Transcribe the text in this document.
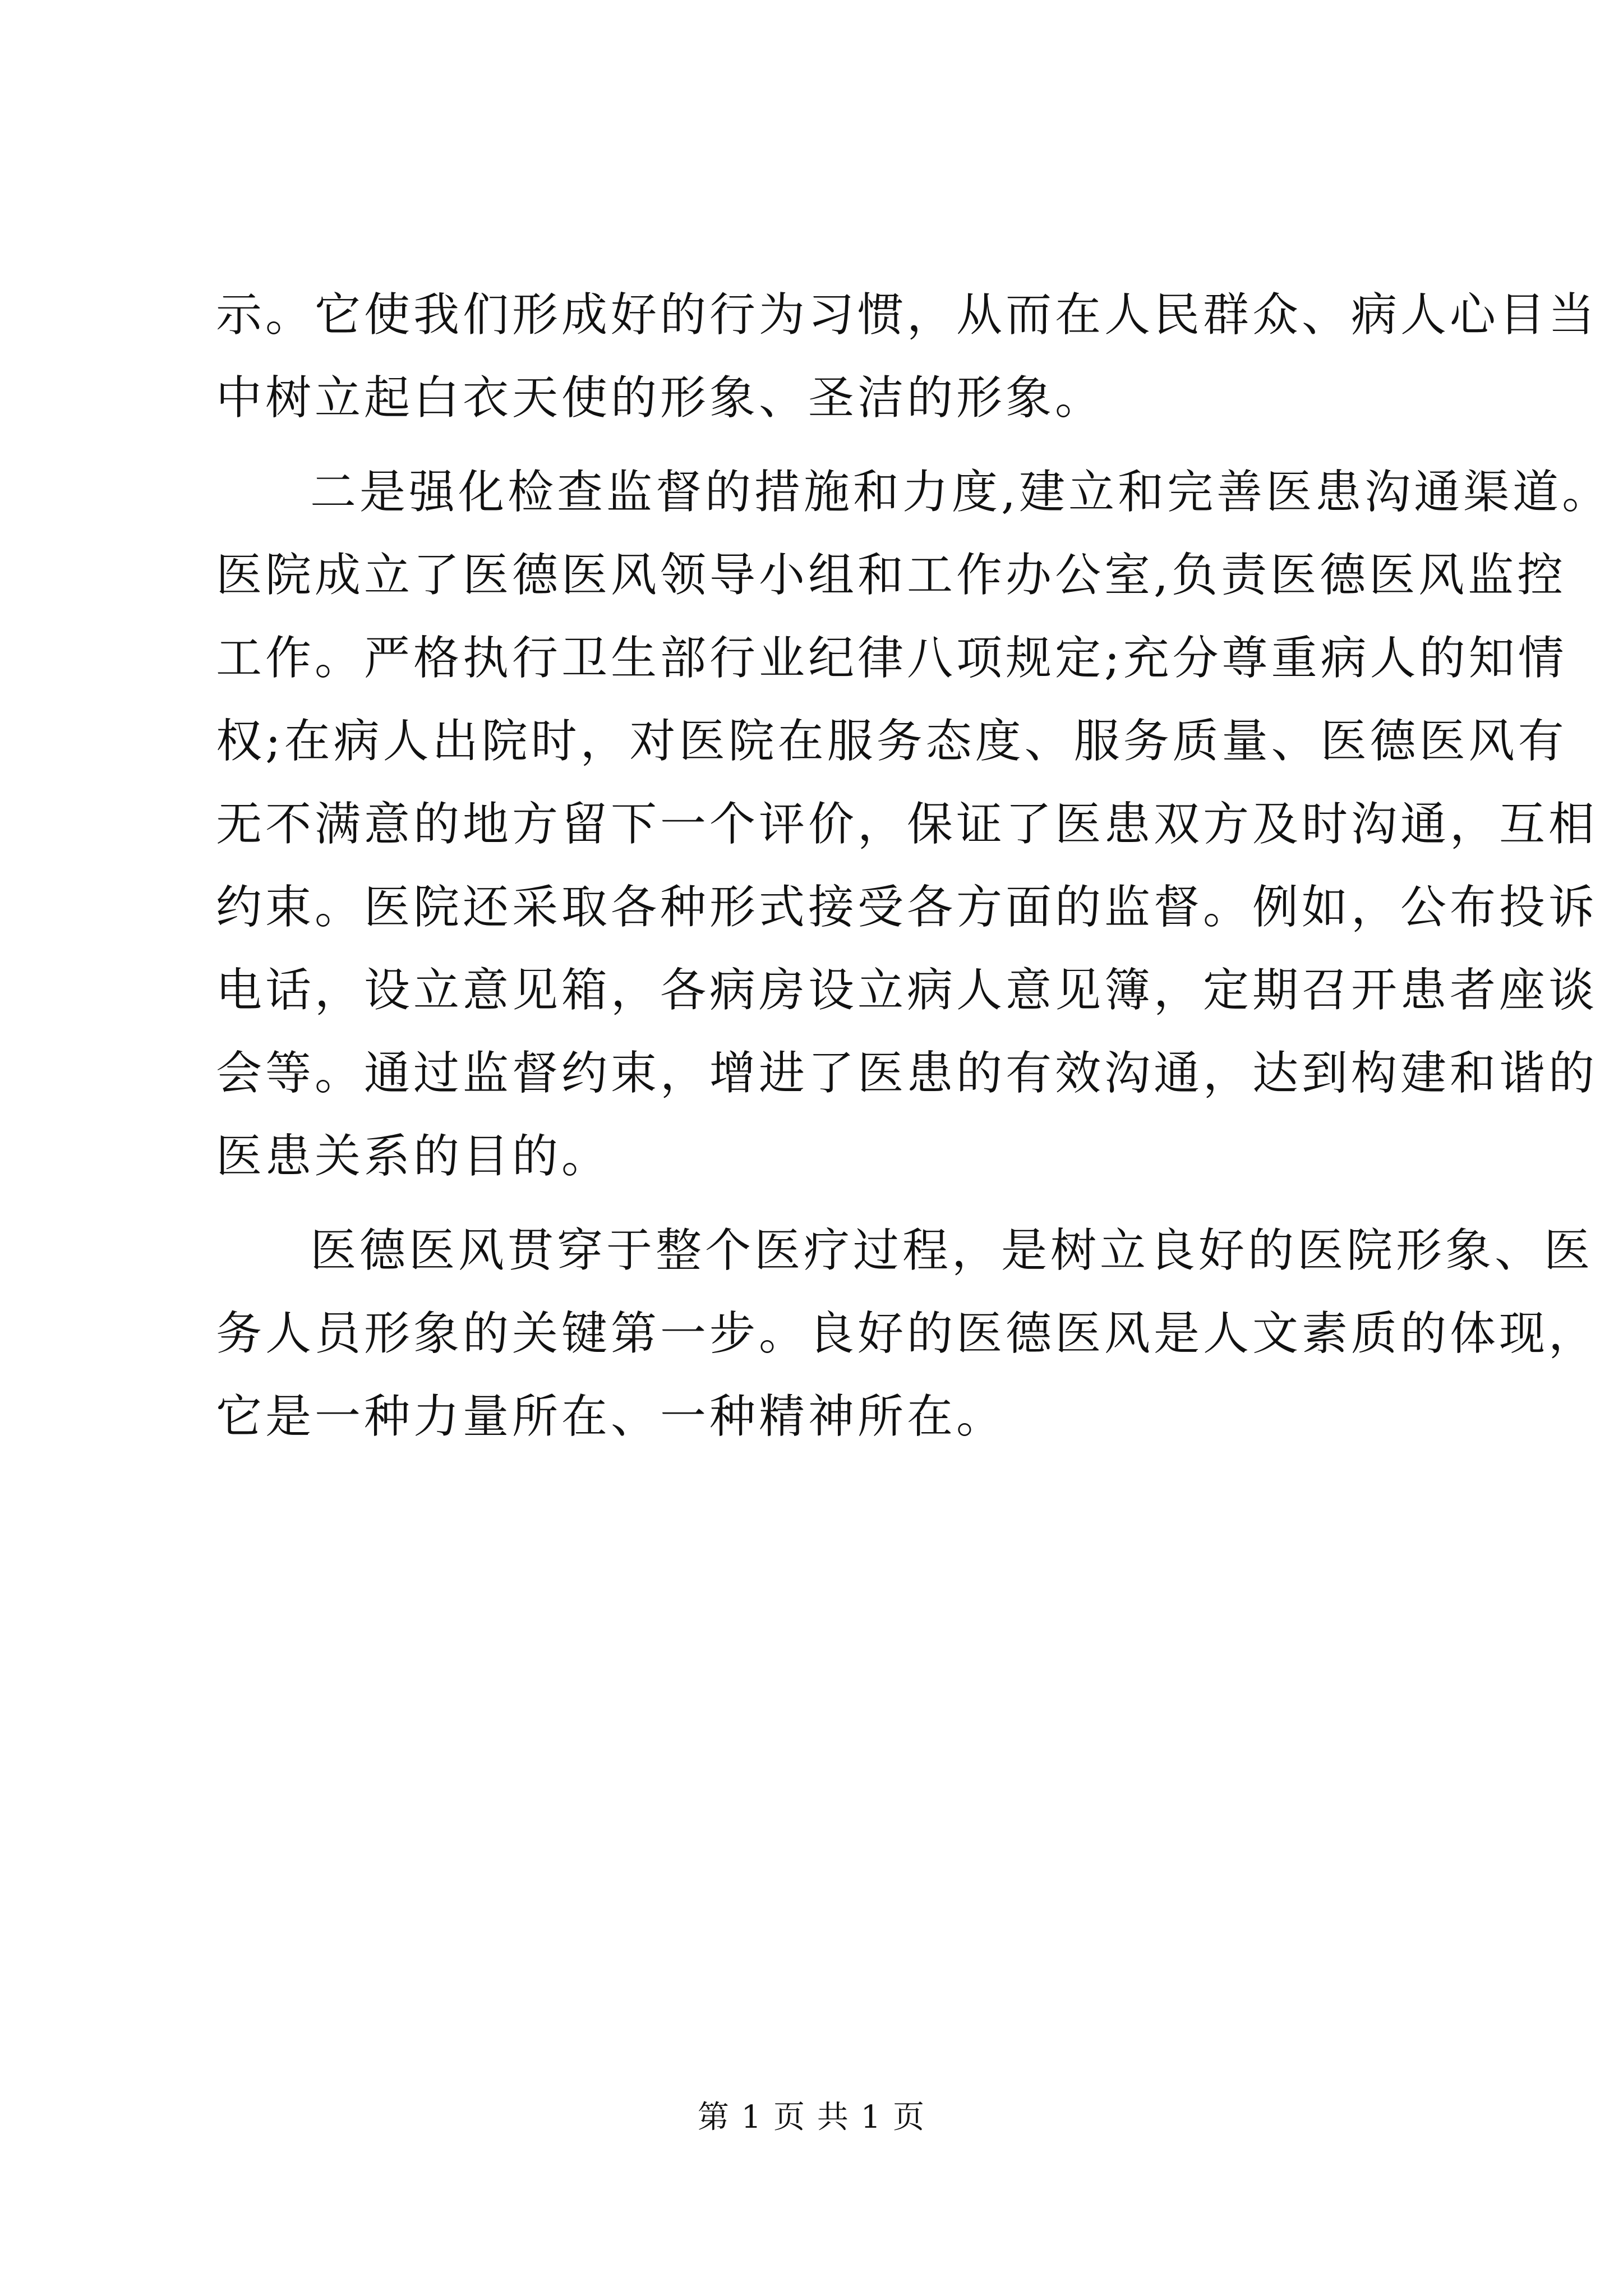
示。它使我们形成好的行为习惯，从而在人民群众、病人心目当
中树立起白衣天使的形象、圣洁的形象。
二是强化检查监督的措施和力度,建立和完善医患沟通渠道。
医院成立了医德医风领导小组和工作办公室,负责医德医风监控
工作。严格执行卫生部行业纪律八项规定;充分尊重病人的知情
权;在病人出院时，对医院在服务态度、服务质量、医德医风有
无不满意的地方留下一个评价，保证了医患双方及时沟通，互相
约束。医院还采取各种形式接受各方面的监督。例如，公布投诉
电话，设立意见箱，各病房设立病人意见簿，定期召开患者座谈
会等。通过监督约束，增进了医患的有效沟通，达到构建和谐的
医患关系的目的。
医德医风贯穿于整个医疗过程，是树立良好的医院形象、医
务人员形象的关键第一步。良好的医德医风是人文素质的体现，
它是一种力量所在、一种精神所在。
第 1 页 共 1 页
